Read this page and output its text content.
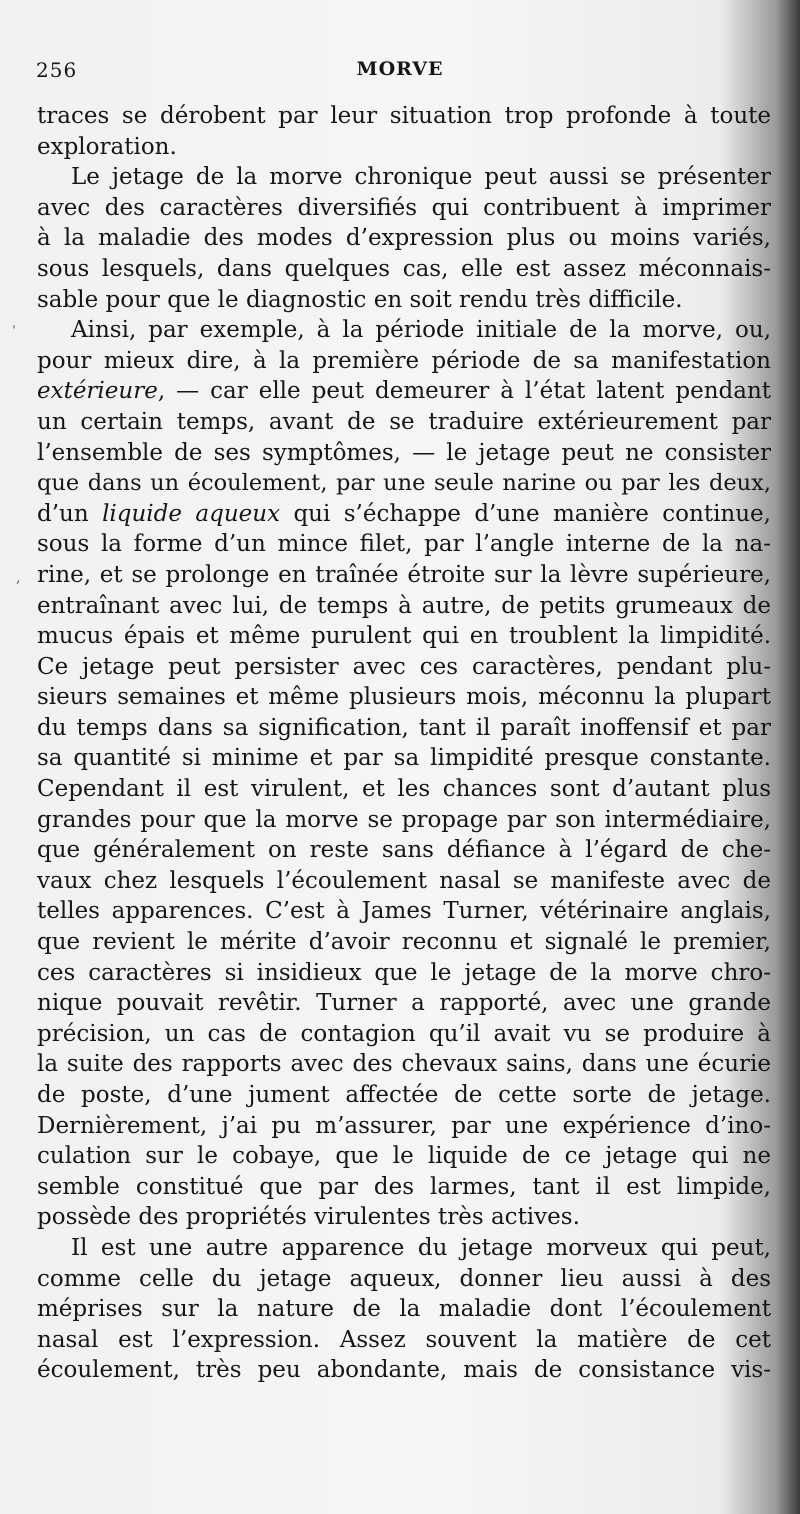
256	MORVE
ˌ
,
traces se dérobent par leur situation trop profonde à toute
exploration.
Le jetage de la morve chronique peut aussi se présenter
avec des caractères diversifiés qui contribuent à imprimer
à la maladie des modes d’expression plus ou moins variés,
sous lesquels, dans quelques cas, elle est assez méconnais-
sable pour que le diagnostic en soit rendu très difficile.
Ainsi, par exemple, à la période initiale de la morve, ou,
pour mieux dire, à la première période de sa manifestation
extérieure, — car elle peut demeurer à l’état latent pendant
un certain temps, avant de se traduire extérieurement par
l’ensemble de ses symptômes, — le jetage peut ne consister
que dans un écoulement, par une seule narine ou par les deux,
d’un liquide aqueux qui s’échappe d’une manière continue,
sous la forme d’un mince filet, par l’angle interne de la na-
rine, et se prolonge en traînée étroite sur la lèvre supérieure,
entraînant avec lui, de temps à autre, de petits grumeaux de
mucus épais et même purulent qui en troublent la limpidité.
Ce jetage peut persister avec ces caractères, pendant plu-
sieurs semaines et même plusieurs mois, méconnu la plupart
du temps dans sa signification, tant il paraît inoffensif et par
sa quantité si minime et par sa limpidité presque constante.
Cependant il est virulent, et les chances sont d’autant plus
grandes pour que la morve se propage par son intermédiaire,
que généralement on reste sans défiance à l’égard de che-
vaux chez lesquels l’écoulement nasal se manifeste avec de
telles apparences. C’est à James Turner, vétérinaire anglais,
que revient le mérite d’avoir reconnu et signalé le premier,
ces caractères si insidieux que le jetage de la morve chro-
nique pouvait revêtir. Turner a rapporté, avec une grande
précision, un cas de contagion qu’il avait vu se produire à
la suite des rapports avec des chevaux sains, dans une écurie
de poste, d’une jument affectée de cette sorte de jetage.
Dernièrement, j’ai pu m’assurer, par une expérience d’ino-
culation sur le cobaye, que le liquide de ce jetage qui ne
semble constitué que par des larmes, tant il est limpide,
possède des propriétés virulentes très actives.
Il est une autre apparence du jetage morveux qui peut,
comme celle du jetage aqueux, donner lieu aussi à des
méprises sur la nature de la maladie dont l’écoulement
nasal est l’expression. Assez souvent la matière de cet
écoulement, très peu abondante, mais de consistance vis-
